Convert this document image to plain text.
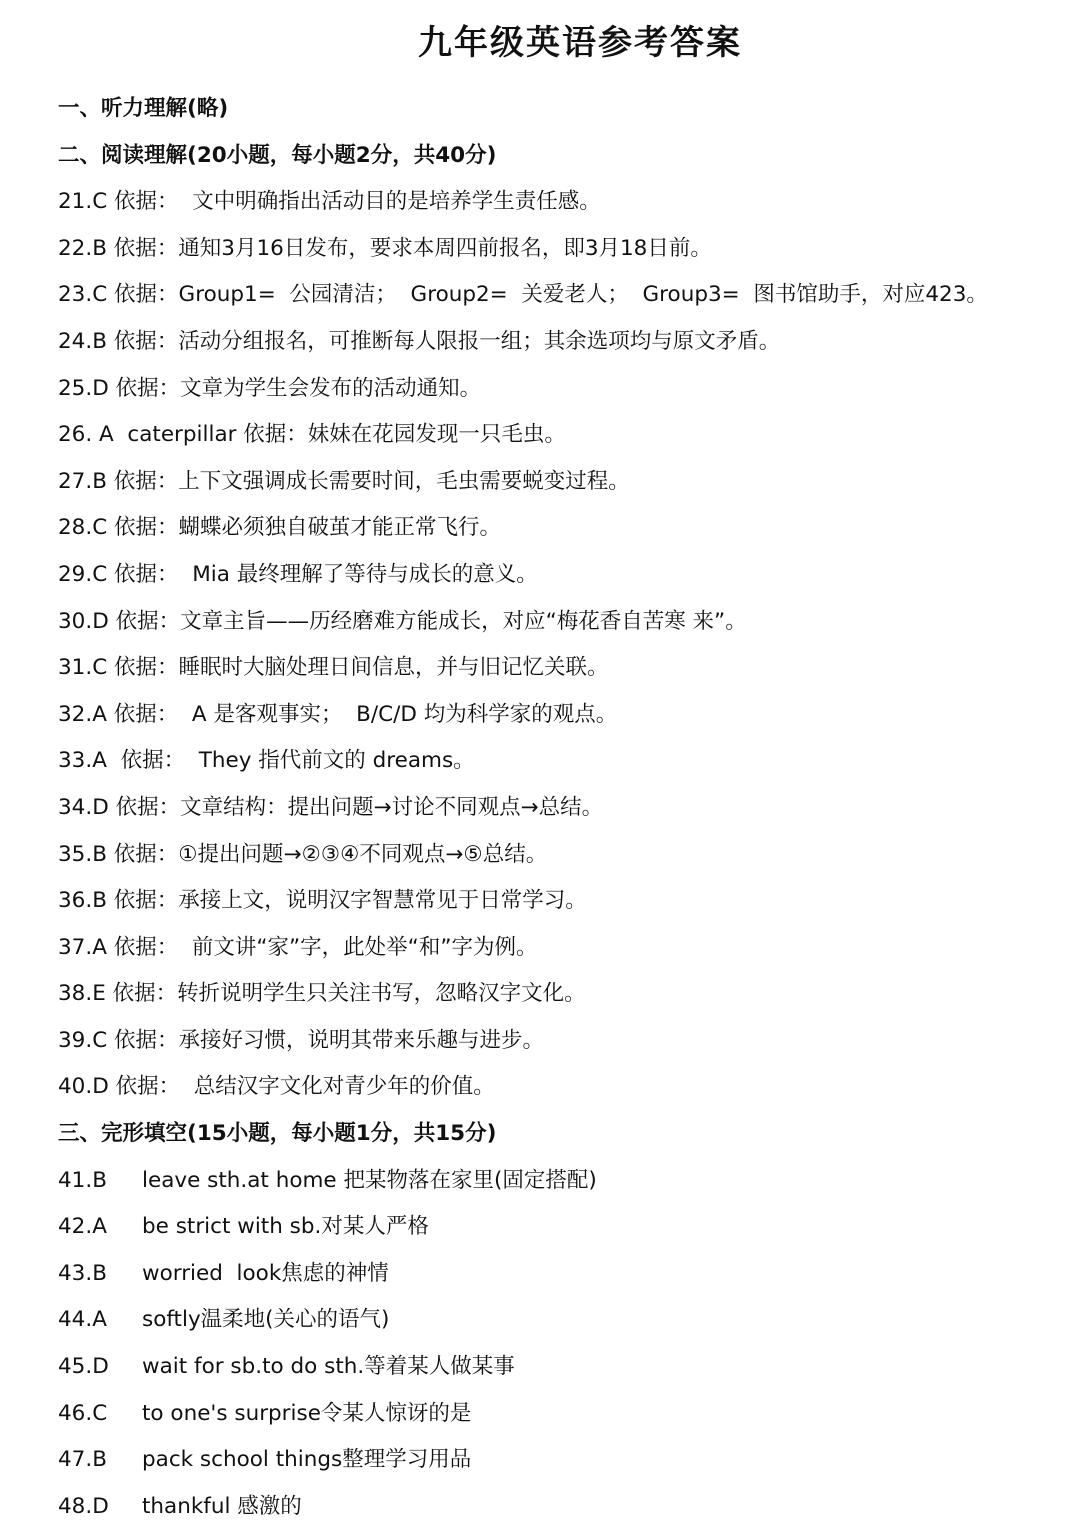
九年级英语参考答案
一、听力理解(略)
二、阅读理解(20小题，每小题2分，共40分)
21.C 依据：  文中明确指出活动目的是培养学生责任感。
22.B 依据：通知3月16日发布，要求本周四前报名，即3月18日前。
23.C 依据：Group1=  公园清洁；  Group2=  关爱老人；  Group3=  图书馆助手，对应423。
24.B 依据：活动分组报名，可推断每人限报一组；其余选项均与原文矛盾。
25.D 依据：文章为学生会发布的活动通知。
26. A  caterpillar 依据：妹妹在花园发现一只毛虫。
27.B 依据：上下文强调成长需要时间，毛虫需要蜕变过程。
28.C 依据：蝴蝶必须独自破茧才能正常飞行。
29.C 依据：  Mia 最终理解了等待与成长的意义。
30.D 依据：文章主旨——历经磨难方能成长，对应“梅花香自苦寒 来”。
31.C 依据：睡眠时大脑处理日间信息，并与旧记忆关联。
32.A 依据：  A 是客观事实；  B/C/D 均为科学家的观点。
33.A  依据：  They 指代前文的 dreams。
34.D 依据：文章结构：提出问题→讨论不同观点→总结。
35.B 依据：①提出问题→②③④不同观点→⑤总结。
36.B 依据：承接上文，说明汉字智慧常见于日常学习。
37.A 依据：  前文讲“家”字，此处举“和”字为例。
38.E 依据：转折说明学生只关注书写，忽略汉字文化。
39.C 依据：承接好习惯，说明其带来乐趣与进步。
40.D 依据：  总结汉字文化对青少年的价值。
三、完形填空(15小题，每小题1分，共15分)
41.B leave sth.at home 把某物落在家里(固定搭配)
42.A be strict with sb.对某人严格
43.B worried  look焦虑的神情
44.A softly温柔地(关心的语气)
45.D wait for sb.to do sth.等着某人做某事
46.C to one's surprise令某人惊讶的是
47.B pack school things整理学习用品
48.D thankful 感激的
